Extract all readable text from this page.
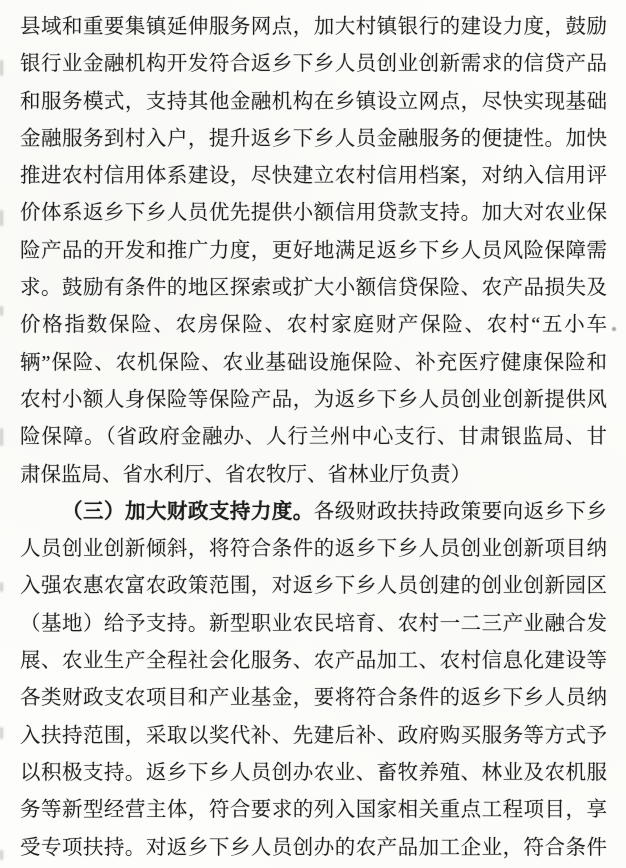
县域和重要集镇延伸服务网点，加大村镇银行的建设力度，鼓励
银行业金融机构开发符合返乡下乡人员创业创新需求的信贷产品
和服务模式，支持其他金融机构在乡镇设立网点，尽快实现基础
金融服务到村入户，提升返乡下乡人员金融服务的便捷性。加快
推进农村信用体系建设，尽快建立农村信用档案，对纳入信用评
价体系返乡下乡人员优先提供小额信用贷款支持。加大对农业保
险产品的开发和推广力度，更好地满足返乡下乡人员风险保障需
求。鼓励有条件的地区探索或扩大小额信贷保险、农产品损失及
价格指数保险、农房保险、农村家庭财产保险、农村“五小车
辆”保险、农机保险、农业基础设施保险、补充医疗健康保险和
农村小额人身保险等保险产品，为返乡下乡人员创业创新提供风
险保障。（省政府金融办、人行兰州中心支行、甘肃银监局、甘
肃保监局、省水利厅、省农牧厅、省林业厅负责）
（三）加大财政支持力度。各级财政扶持政策要向返乡下乡
人员创业创新倾斜，将符合条件的返乡下乡人员创业创新项目纳
入强农惠农富农政策范围，对返乡下乡人员创建的创业创新园区
（基地）给予支持。新型职业农民培育、农村一二三产业融合发
展、农业生产全程社会化服务、农产品加工、农村信息化建设等
各类财政支农项目和产业基金，要将符合条件的返乡下乡人员纳
入扶持范围，采取以奖代补、先建后补、政府购买服务等方式予
以积极支持。返乡下乡人员创办农业、畜牧养殖、林业及农机服
务等新型经营主体，符合要求的列入国家相关重点工程项目，享
受专项扶持。对返乡下乡人员创办的农产品加工企业，符合条件
